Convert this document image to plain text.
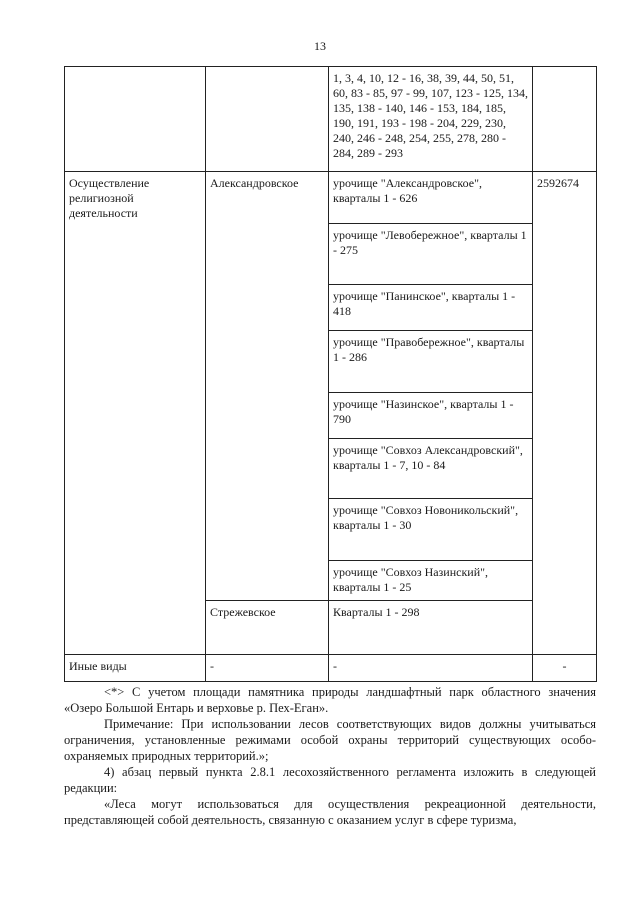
13
		1, 3, 4, 10, 12 - 16, 38, 39, 44, 50, 51, 60, 83 - 85, 97 - 99, 107, 123 - 125, 134, 135, 138 - 140, 146 - 153, 184, 185, 190, 191, 193 - 198 - 204, 229, 230, 240, 246 - 248, 254, 255, 278, 280 - 284, 289 - 293	
Осуществление религиозной деятельности	Александровское	урочище "Александровское", кварталы 1 - 626	2592674
		урочище "Левобережное", кварталы 1 - 275	
		урочище "Панинское", кварталы 1 - 418	
		урочище "Правобережное", кварталы 1 - 286	
		урочище "Назинское", кварталы 1 - 790	
		урочище "Совхоз Александровский", кварталы 1 - 7, 10 - 84	
		урочище "Совхоз Новоникольский", кварталы 1 - 30	
		урочище "Совхоз Назинский", кварталы 1 - 25	
	Стрежевское	Кварталы 1 - 298	
Иные виды	-	-	-

<*> С учетом площади памятника природы ландшафтный парк областного значения «Озеро Большой Ентарь и верховье р. Пех-Еган».

Примечание: При использовании лесов соответствующих видов должны учитываться ограничения, установленные режимами особой охраны территорий существующих особо-охраняемых природных территорий.»;

4) абзац первый пункта 2.8.1 лесохозяйственного регламента изложить в следующей редакции:

«Леса могут использоваться для осуществления рекреационной деятельности, представляющей собой деятельность, связанную с оказанием услуг в сфере туризма,
